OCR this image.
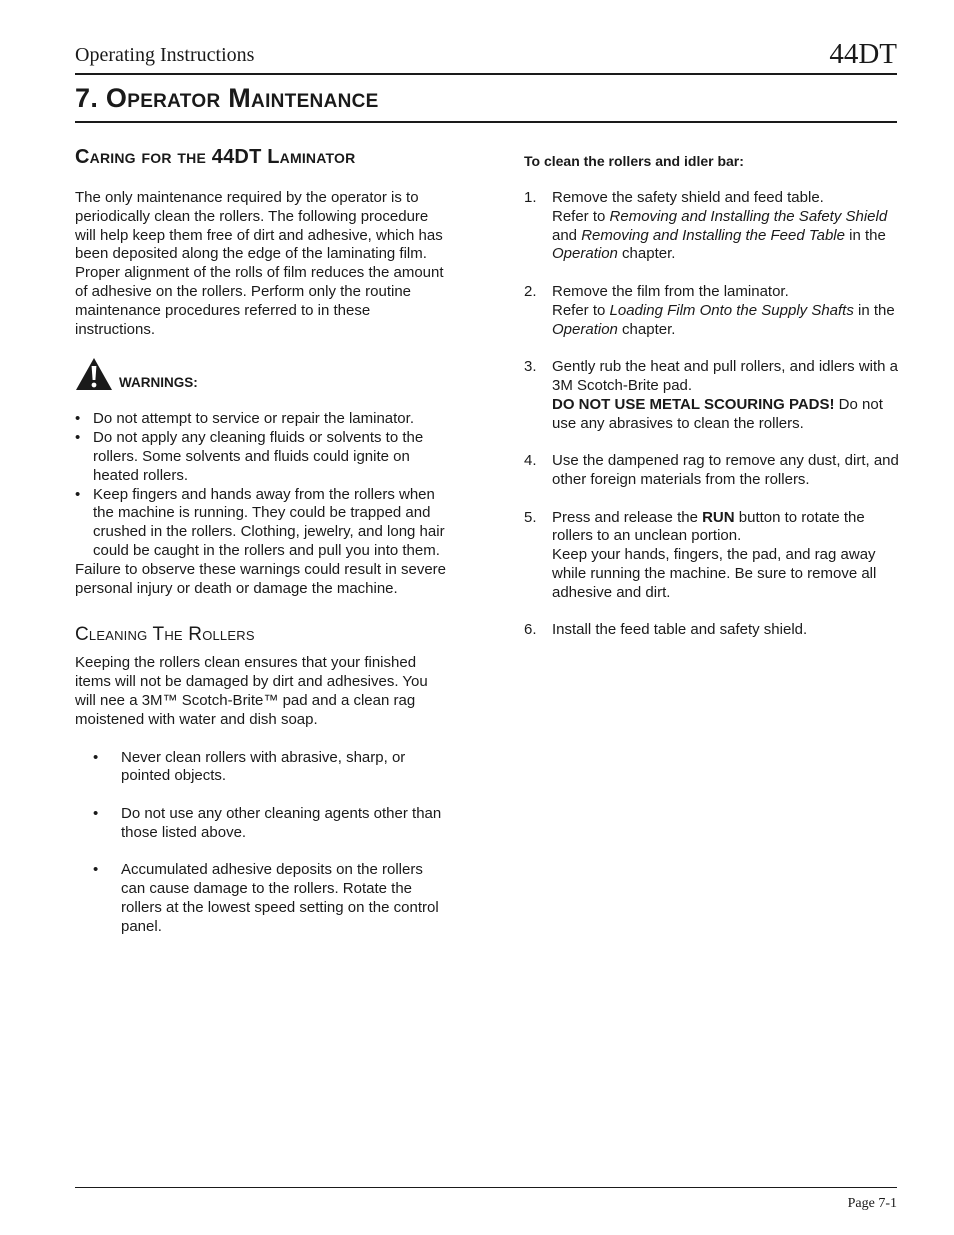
Operating Instructions	44DT
7. Operator Maintenance
Caring for the 44DT Laminator

The only maintenance required by the operator is to periodically clean the rollers. The following procedure will help keep them free of dirt and adhesive, which has been deposited along the edge of the laminating film. Proper alignment of the rolls of film reduces the amount of adhesive on the rollers. Perform only the routine maintenance procedures referred to in these instructions.

WARNINGS:
• Do not attempt to service or repair the laminator.
• Do not apply any cleaning fluids or solvents to the rollers. Some solvents and fluids could ignite on heated rollers.
• Keep fingers and hands away from the rollers when the machine is running. They could be trapped and crushed in the rollers. Clothing, jewelry, and long hair could be caught in the rollers and pull you into them.

Failure to observe these warnings could result in severe personal injury or death or damage the machine.

Cleaning The Rollers

Keeping the rollers clean ensures that your finished items will not be damaged by dirt and adhesives. You will nee a 3M™ Scotch-Brite™ pad and a clean rag moistened with water and dish soap.

• Never clean rollers with abrasive, sharp, or pointed objects.
• Do not use any other cleaning agents other than those listed above.
• Accumulated adhesive deposits on the rollers can cause damage to the rollers. Rotate the rollers at the lowest speed setting on the control panel.
To clean the rollers and idler bar:
1. Remove the safety shield and feed table.
Refer to Removing and Installing the Safety Shield and Removing and Installing the Feed Table in the Operation chapter.
2. Remove the film from the laminator.
Refer to Loading Film Onto the Supply Shafts in the Operation chapter.
3. Gently rub the heat and pull rollers, and idlers with a 3M Scotch-Brite pad.
DO NOT USE METAL SCOURING PADS! Do not use any abrasives to clean the rollers.
4. Use the dampened rag to remove any dust, dirt, and other foreign materials from the rollers.
5. Press and release the RUN button to rotate the rollers to an unclean portion.
Keep your hands, fingers, the pad, and rag away while running the machine. Be sure to remove all adhesive and dirt.
6. Install the feed table and safety shield.
Page 7-1
